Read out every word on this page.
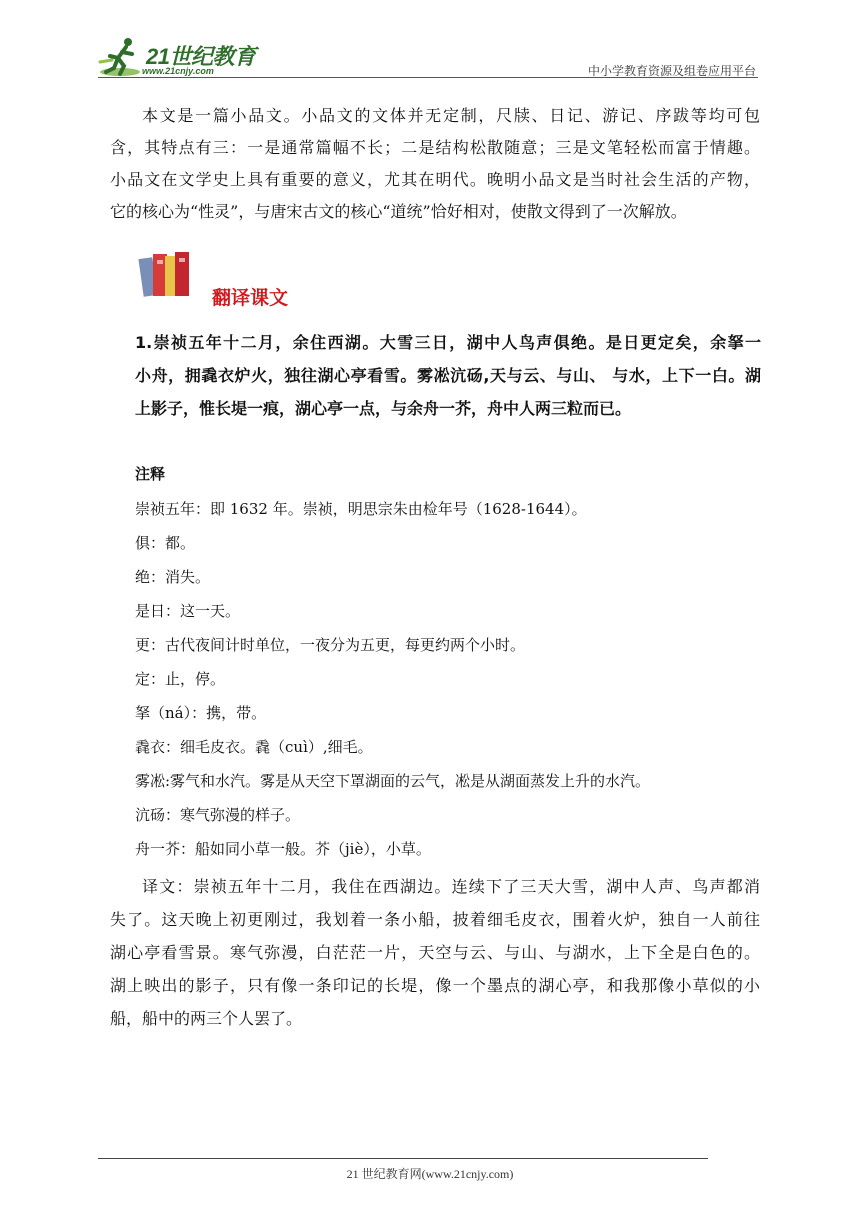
21世纪教育
www.21cnjy.com	中小学教育资源及组卷应用平台

本文是一篇小品文。小品文的文体并无定制，尺牍、日记、游记、序跋等均可包

含，其特点有三：一是通常篇幅不长；二是结构松散随意；三是文笔轻松而富于情趣。

小品文在文学史上具有重要的意义，尤其在明代。晚明小品文是当时社会生活的产物，

它的核心为“性灵”，与唐宋古文的核心“道统”恰好相对，使散文得到了一次解放。

翻译课文

1.崇祯五年十二月，余住西湖。大雪三日，湖中人鸟声俱绝。是日更定矣，余拏一

小舟，拥毳衣炉火，独往湖心亭看雪。雾凇沆砀,天与云、与山、 与水，上下一白。湖

上影子，惟长堤一痕，湖心亭一点，与余舟一芥，舟中人两三粒而已。

注释
崇祯五年：即 1632 年。崇祯，明思宗朱由检年号（1628-1644）。
俱：都。
绝：消失。
是日：这一天。
更：古代夜间计时单位，一夜分为五更，每更约两个小时。
定：止，停。
拏（ná）：携，带。
毳衣：细毛皮衣。毳（cuì）,细毛。
雾凇:雾气和水汽。雾是从天空下罩湖面的云气，凇是从湖面蒸发上升的水汽。
沆砀：寒气弥漫的样子。
舟一芥：船如同小草一般。芥（jiè），小草。

译文：崇祯五年十二月，我住在西湖边。连续下了三天大雪，湖中人声、鸟声都消

失了。这天晚上初更刚过，我划着一条小船，披着细毛皮衣，围着火炉，独自一人前往

湖心亭看雪景。寒气弥漫，白茫茫一片，天空与云、与山、与湖水，上下全是白色的。

湖上映出的影子，只有像一条印记的长堤，像一个墨点的湖心亭，和我那像小草似的小

船，船中的两三个人罢了。

21 世纪教育网(www.21cnjy.com)
